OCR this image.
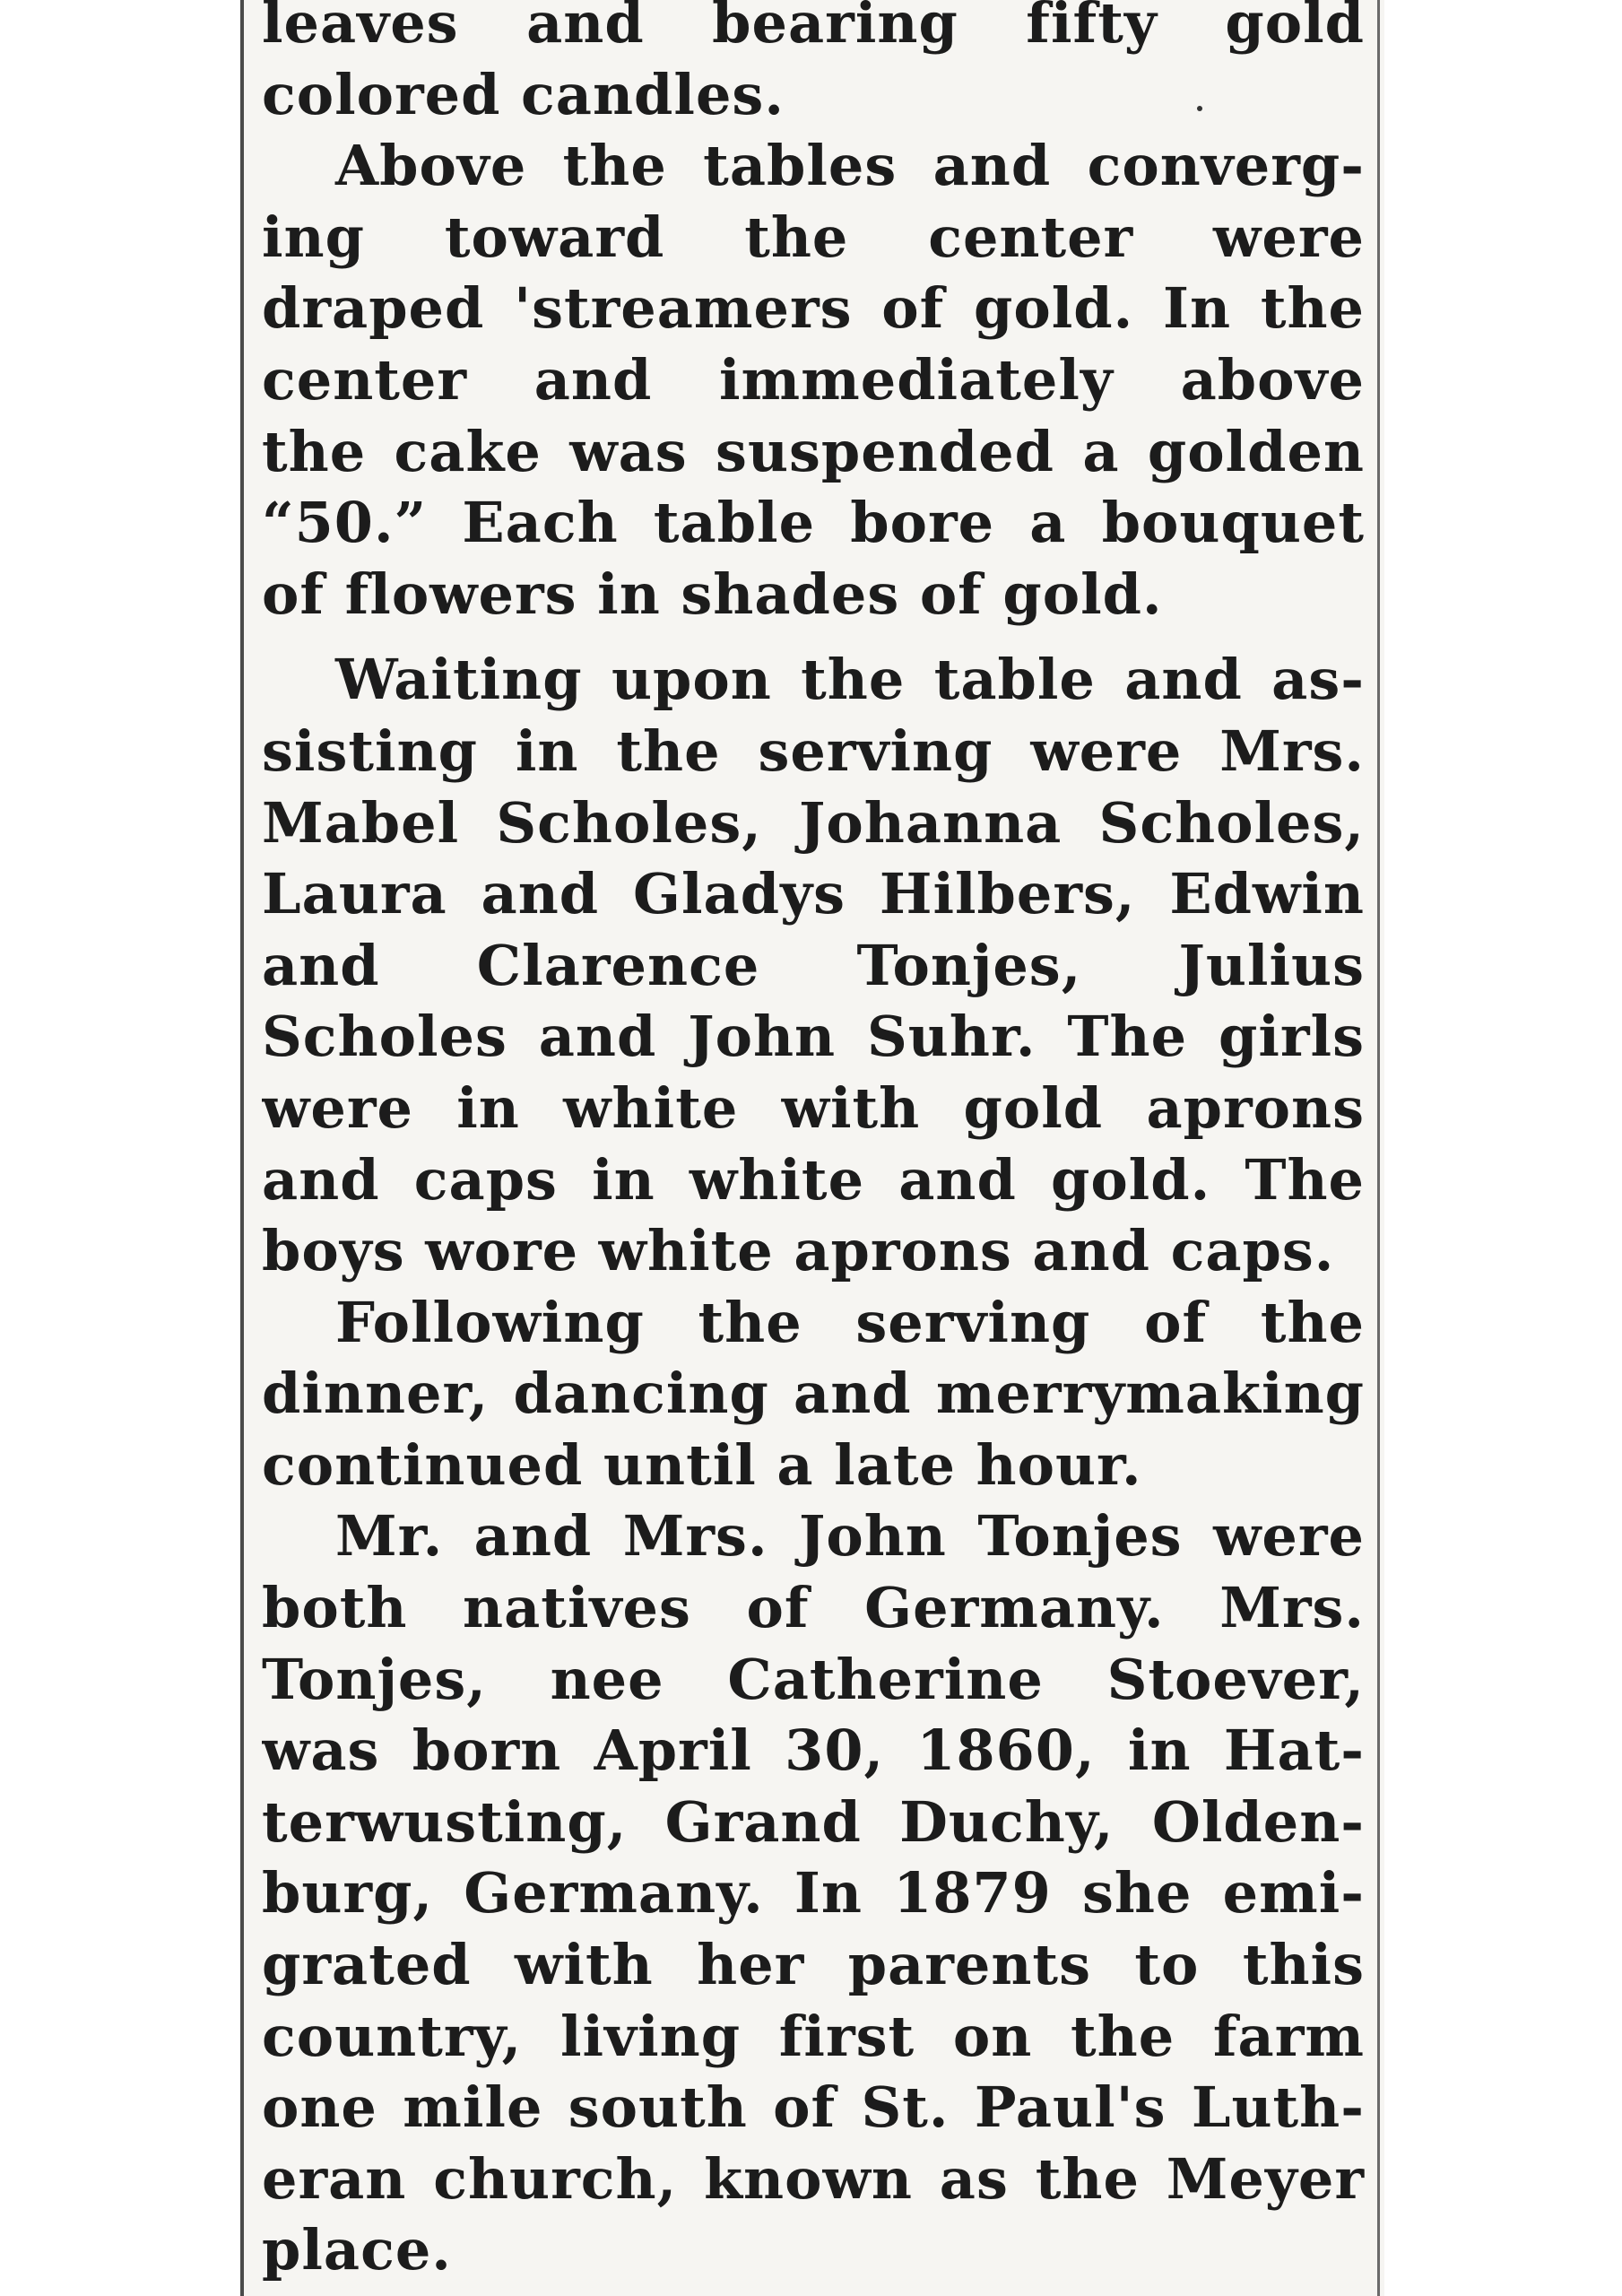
leaves and bearing fifty gold
colored candles.
Above the tables and converg-
ing toward the center were
draped 'streamers of gold. In the
center and immediately above
the cake was suspended a golden
“50.” Each table bore a bouquet
of flowers in shades of gold.
Waiting upon the table and as-
sisting in the serving were Mrs.
Mabel Scholes, Johanna Scholes,
Laura and Gladys Hilbers, Edwin
and Clarence Tonjes, Julius
Scholes and John Suhr. The girls
were in white with gold aprons
and caps in white and gold. The
boys wore white aprons and caps.
Following the serving of the
dinner, dancing and merrymaking
continued until a late hour.
Mr. and Mrs. John Tonjes were
both natives of Germany. Mrs.
Tonjes, nee Catherine Stoever,
was born April 30, 1860, in Hat-
terwusting, Grand Duchy, Olden-
burg, Germany. In 1879 she emi-
grated with her parents to this
country, living first on the farm
one mile south of St. Paul's Luth-
eran church, known as the Meyer
place.
